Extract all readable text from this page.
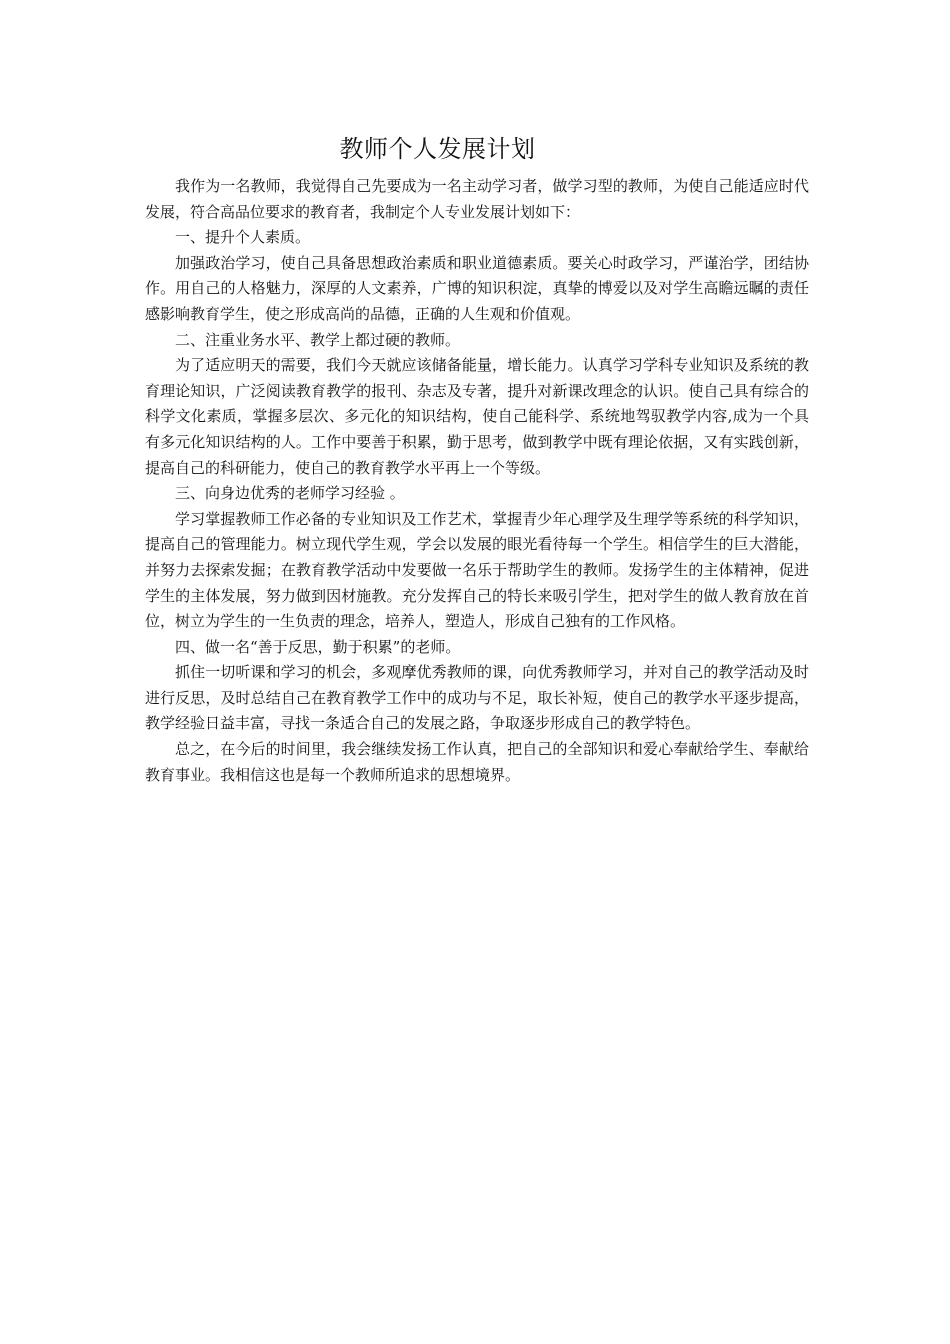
教师个人发展计划

我作为一名教师，我觉得自己先要成为一名主动学习者，做学习型的教师，为使自己能适应时代发展，符合高品位要求的教育者，我制定个人专业发展计划如下：

一、提升个人素质。

加强政治学习，使自己具备思想政治素质和职业道德素质。要关心时政学习，严谨治学，团结协作。用自己的人格魅力，深厚的人文素养，广博的知识积淀，真挚的博爱以及对学生高瞻远瞩的责任感影响教育学生，使之形成高尚的品德，正确的人生观和价值观。

二、注重业务水平、教学上都过硬的教师。

为了适应明天的需要，我们今天就应该储备能量，增长能力。认真学习学科专业知识及系统的教育理论知识，广泛阅读教育教学的报刊、杂志及专著，提升对新课改理念的认识。使自己具有综合的科学文化素质，掌握多层次、多元化的知识结构，使自己能科学、系统地驾驭教学内容,成为一个具有多元化知识结构的人。工作中要善于积累，勤于思考，做到教学中既有理论依据，又有实践创新，提高自己的科研能力，使自己的教育教学水平再上一个等级。

三、向身边优秀的老师学习经验 。

学习掌握教师工作必备的专业知识及工作艺术，掌握青少年心理学及生理学等系统的科学知识，提高自己的管理能力。树立现代学生观，学会以发展的眼光看待每一个学生。相信学生的巨大潜能，并努力去探索发掘；在教育教学活动中发要做一名乐于帮助学生的教师。发扬学生的主体精神，促进学生的主体发展，努力做到因材施教。充分发挥自己的特长来吸引学生，把对学生的做人教育放在首位，树立为学生的一生负责的理念，培养人，塑造人，形成自己独有的工作风格。

四、做一名“善于反思，勤于积累”的老师。

抓住一切听课和学习的机会，多观摩优秀教师的课，向优秀教师学习，并对自己的教学活动及时进行反思，及时总结自己在教育教学工作中的成功与不足，取长补短，使自己的教学水平逐步提高，教学经验日益丰富，寻找一条适合自己的发展之路，争取逐步形成自己的教学特色。

总之，在今后的时间里，我会继续发扬工作认真，把自己的全部知识和爱心奉献给学生、奉献给教育事业。我相信这也是每一个教师所追求的思想境界。
